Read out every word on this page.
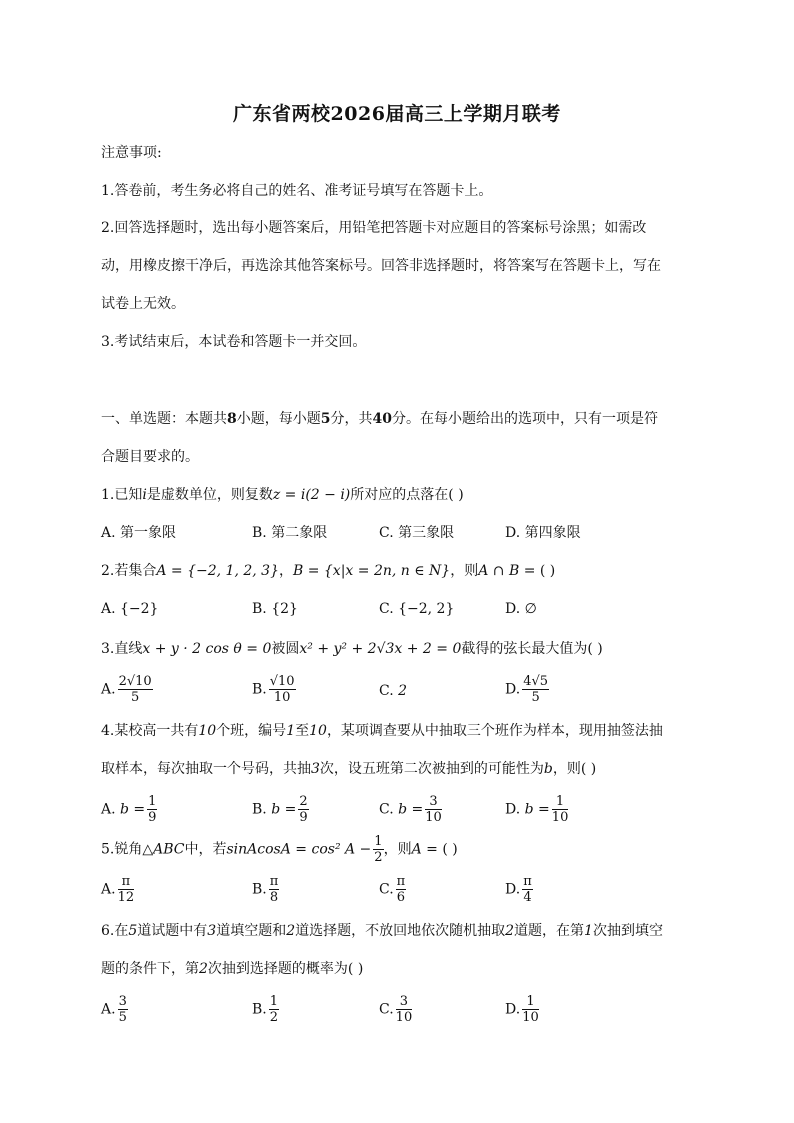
广东省两校2026届高三上学期月联考
注意事项:
1.答卷前，考生务必将自己的姓名、准考证号填写在答题卡上。
2.回答选择题时，选出每小题答案后，用铅笔把答题卡对应题目的答案标号涂黑；如需改
动，用橡皮擦干净后，再选涂其他答案标号。回答非选择题时，将答案写在答题卡上，写在
试卷上无效。
3.考试结束后，本试卷和答题卡一并交回。
一、单选题：本题共8小题，每小题5分，共40分。在每小题给出的选项中，只有一项是符
合题目要求的。
1.已知i是虚数单位，则复数z = i(2 − i)所对应的点落在( )
A. 第一象限	B. 第二象限	C. 第三象限	D. 第四象限
2.若集合A = {−2, 1, 2, 3}，B = {x|x = 2n, n ∈ N}，则A ∩ B = ( )
A. {−2}	B. {2}	C. {−2, 2}	D. ∅
3.直线x + y · 2 cos θ = 0被圆x² + y² + 2√3x + 2 = 0截得的弦长最大值为( )
A. $\frac{2√10}{5}$	B. $\frac{√10}{10}$	C. 2	D. $\frac{4√5}{5}$
4.某校高一共有10个班，编号1至10，某项调查要从中抽取三个班作为样本，现用抽签法抽
取样本，每次抽取一个号码，共抽3次，设五班第二次被抽到的可能性为b，则( )
A. $b = \frac{1}{9}$	B. $b = \frac{2}{9}$	C. $b = \frac{3}{10}$	D. $b = \frac{1}{10}$
5.锐角△ABC中，若sinAcosA = cos² $A - \frac{1}{2}$ ，则A = ( )
A. $\frac{\pi}{12}$	B. $\frac{\pi}{8}$	C. $\frac{\pi}{6}$	D. $\frac{\pi}{4}$
6.在5道试题中有3道填空题和2道选择题，不放回地依次随机抽取2道题，在第1次抽到填空
题的条件下，第2次抽到选择题的概率为( )
A. $\frac{3}{5}$	B. $\frac{1}{2}$	C. $\frac{3}{10}$	D. $\frac{1}{10}$
